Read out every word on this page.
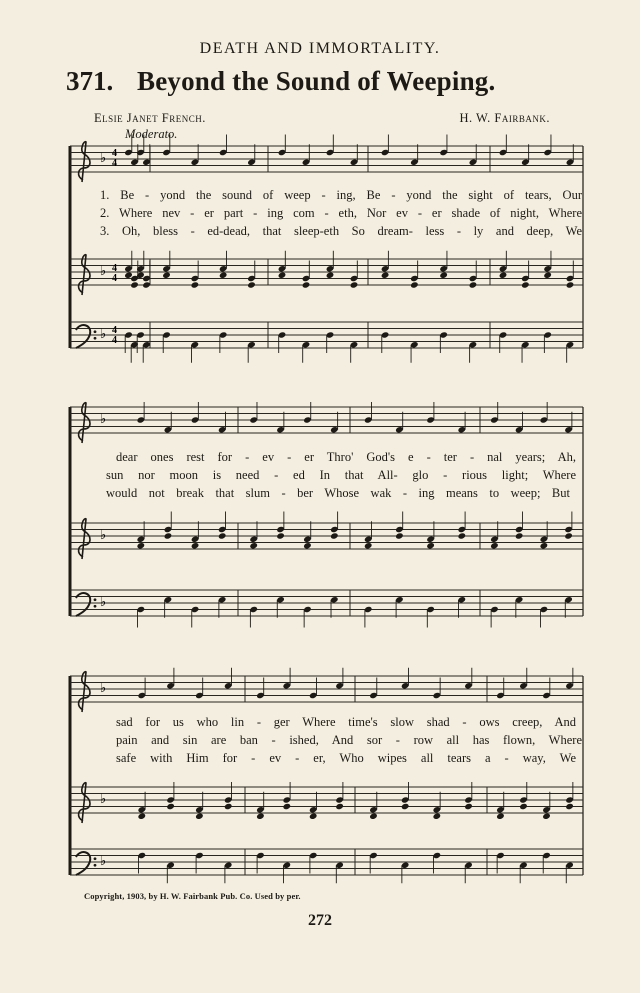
DEATH AND IMMORTALITY.
371. Beyond the Sound of Weeping.
Elsie Janet French.	H. W. Fairbank.
Moderato.
♭
♭
♭
♭
♭
♭
♭
♭
♭
4
4
4
4
4
4
1. Be - yond the sound of weep - ing, Be - yond the sight of tears, Our
2. Where nev - er part - ing com - eth, Nor ev - er shade of night, Where
3. Oh, bless - ed-dead, that sleep-eth So dream- less - ly and deep, We
dear ones rest for - ev - er Thro' God's e - ter - nal years; Ah,
sun nor moon is need - ed In that All- glo - rious light; Where
would not break that slum - ber Whose wak - ing means to weep; But
sad for us who lin - ger Where time's slow shad - ows creep, And
pain and sin are ban - ished, And sor - row all has flown, Where
safe with Him for - ev - er, Who wipes all tears a - way, We
Copyright, 1903, by H. W. Fairbank Pub. Co. Used by per.
272
